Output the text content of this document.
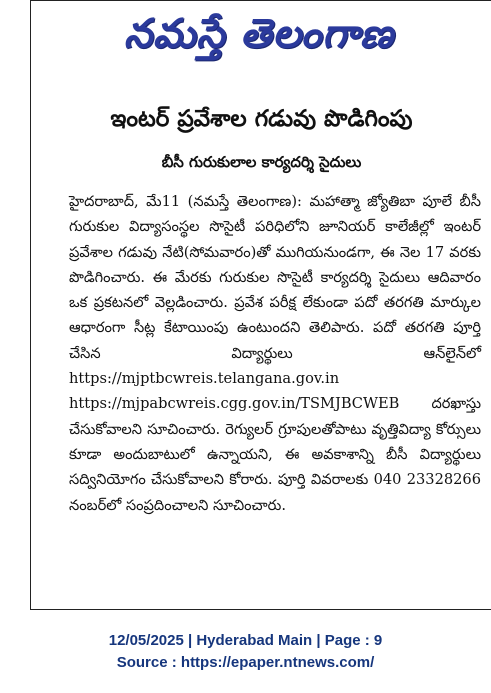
నమస్తే తెలంగాణ
ఇంటర్ ప్రవేశాల గడువు పొడిగింపు
బీసీ గురుకులాల కార్యదర్శి సైదులు
హైదరాబాద్, మే11 (నమస్తే తెలంగాణ): మహాత్మా జ్యోతిబా పూలే బీసీ గురుకుల విద్యాసంస్థల సొసైటీ పరిధిలోని జూనియర్ కాలేజీల్లో ఇంటర్ ప్రవేశాల గడువు నేటి(సోమవారం)తో ముగియనుండగా, ఈ నెల 17 వరకు పొడిగించారు. ఈ మేరకు గురుకుల సొసైటీ కార్యదర్శి సైదులు ఆదివారం ఒక ప్రకటనలో వెల్లడించారు. ప్రవేశ పరీక్ష లేకుండా పదో తరగతి మార్కుల ఆధారంగా సీట్ల కేటాయింపు ఉంటుందని తెలిపారు. పదో తరగతి పూర్తి చేసిన విద్యార్థులు ఆన్‌లైన్‌లో https://mjptbcwreis.telangana.gov.in https://mjpabcwreis.cgg.gov.in/TSMJBCWEB దరఖాస్తు చేసుకోవాలని సూచించారు. రెగ్యులర్ గ్రూపులతోపాటు వృత్తివిద్యా కోర్సులు కూడా అందుబాటులో ఉన్నాయని, ఈ అవకాశాన్ని బీసీ విద్యార్థులు సద్వినియోగం చేసుకోవాలని కోరారు. పూర్తి వివరాలకు 040 23328266 నంబర్‌లో సంప్రదించాలని సూచించారు.
12/05/2025 | Hyderabad Main | Page : 9
Source : https://epaper.ntnews.com/
